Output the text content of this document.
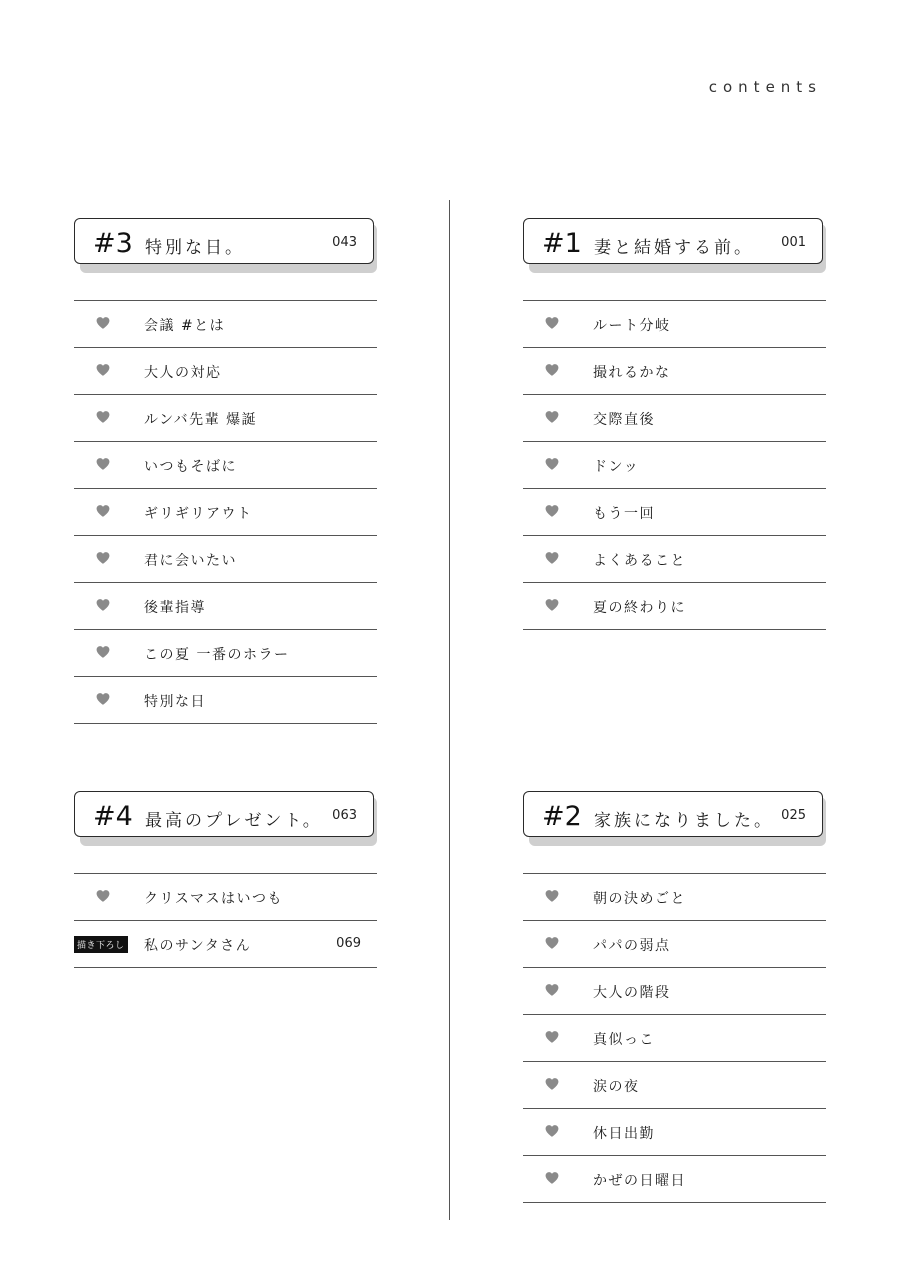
contents
#3 特別な日。	043
会議 #とは
大人の対応
ルンバ先輩 爆誕
いつもそばに
ギリギリアウト
君に会いたい
後輩指導
この夏 一番のホラー
特別な日
#1 妻と結婚する前。 001
ルート分岐
撮れるかな
交際直後
ドンッ
もう一回
よくあること
夏の終わりに
#4 最高のプレゼント。 063
クリスマスはいつも
描き下ろし 私のサンタさん	069
#2 家族になりました。 025
朝の決めごと
パパの弱点
大人の階段
真似っこ
涙の夜
休日出勤
かぜの日曜日
